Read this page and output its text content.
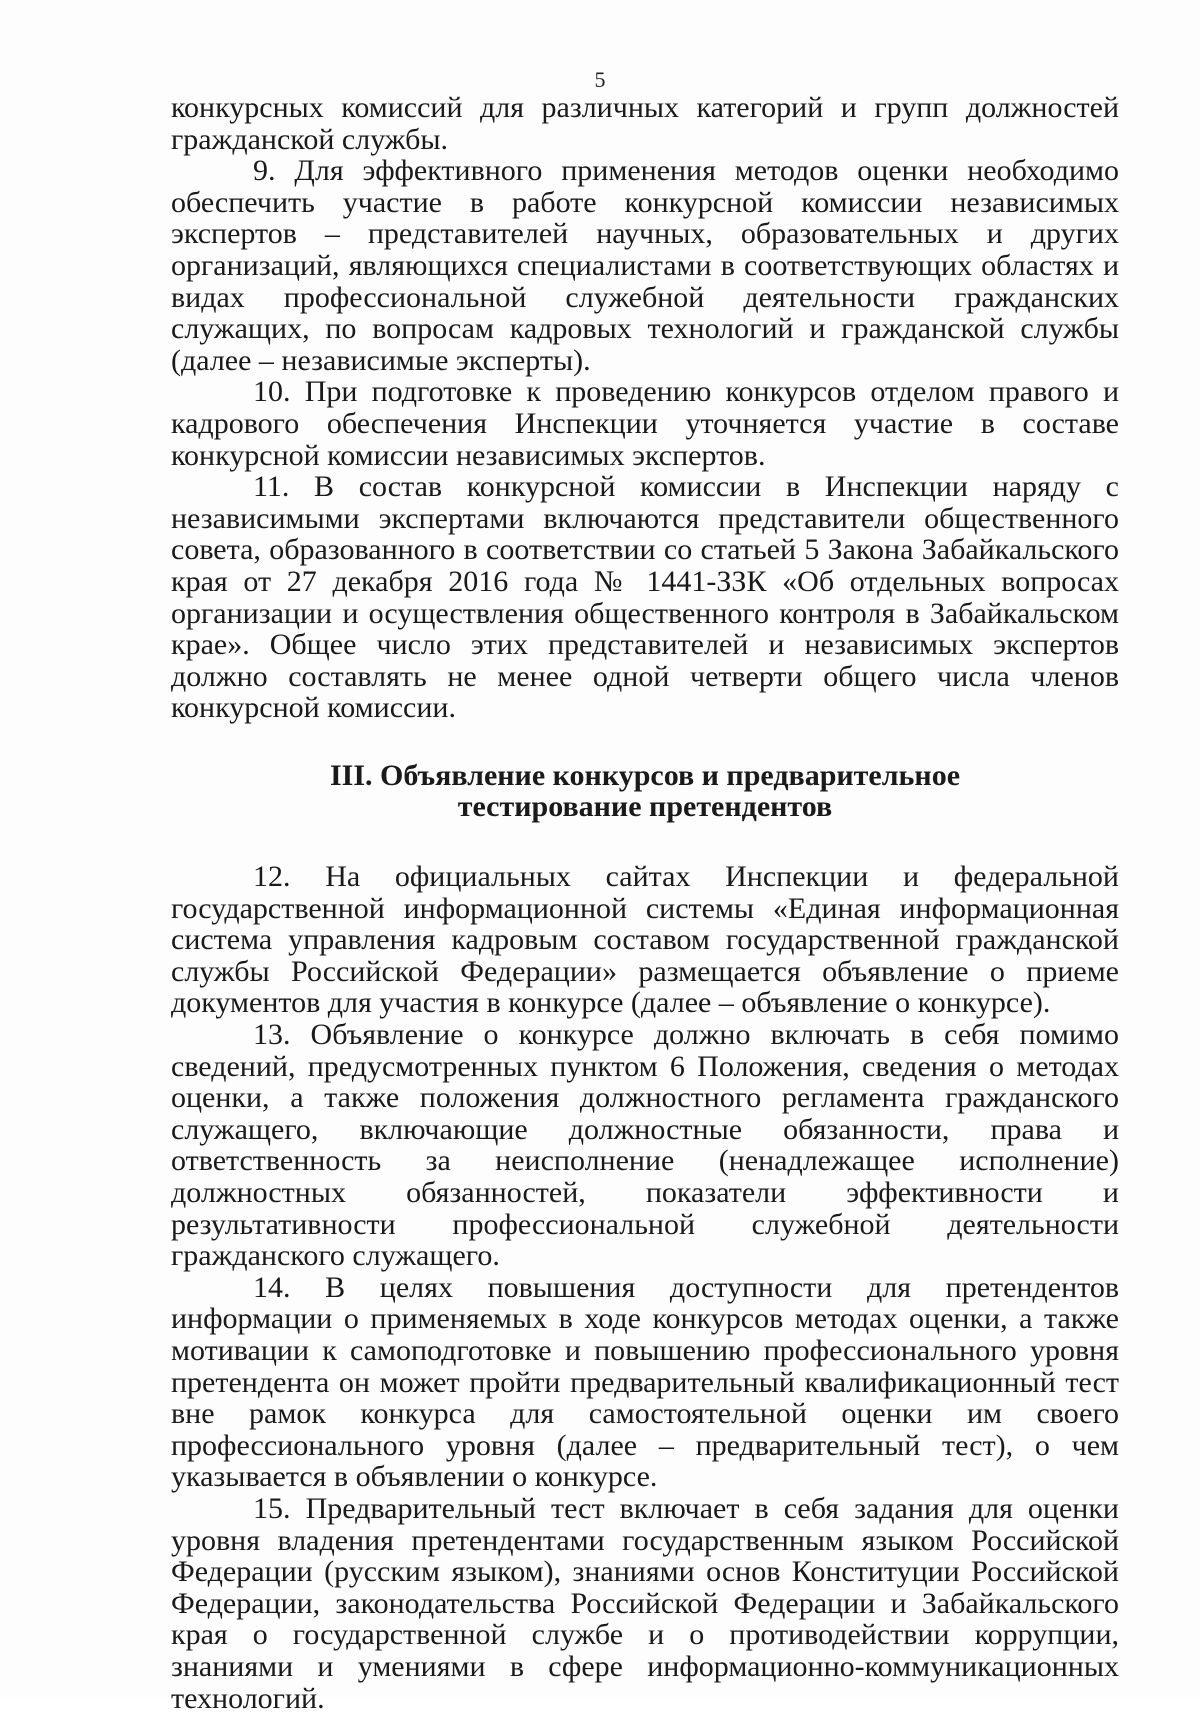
5

конкурсных комиссий для различных категорий и групп должностей гражданской службы.

9. Для эффективного применения методов оценки необходимо обеспечить участие в работе конкурсной комиссии независимых экспертов – представителей научных, образовательных и других организаций, являющихся специалистами в соответствующих областях и видах профессиональной служебной деятельности гражданских служащих, по вопросам кадровых технологий и гражданской службы (далее – независимые эксперты).

10. При подготовке к проведению конкурсов отделом правого и кадрового обеспечения Инспекции уточняется участие в составе конкурсной комиссии независимых экспертов.

11. В состав конкурсной комиссии в Инспекции наряду с независимыми экспертами включаются представители общественного совета, образованного в соответствии со статьей 5 Закона Забайкальского края от 27 декабря 2016 года № 1441-ЗЗК «Об отдельных вопросах организации и осуществления общественного контроля в Забайкальском крае». Общее число этих представителей и независимых экспертов должно составлять не менее одной четверти общего числа членов конкурсной комиссии.

III. Объявление конкурсов и предварительное

тестирование претендентов

12. На официальных сайтах Инспекции и федеральной государственной информационной системы «Единая информационная система управления кадровым составом государственной гражданской службы Российской Федерации» размещается объявление о приеме документов для участия в конкурсе (далее – объявление о конкурсе).

13. Объявление о конкурсе должно включать в себя помимо сведений, предусмотренных пунктом 6 Положения, сведения о методах оценки, а также положения должностного регламента гражданского служащего, включающие должностные обязанности, права и ответственность за неисполнение (ненадлежащее исполнение) должностных обязанностей, показатели эффективности и результативности профессиональной служебной деятельности гражданского служащего.

14. В целях повышения доступности для претендентов информации о применяемых в ходе конкурсов методах оценки, а также мотивации к самоподготовке и повышению профессионального уровня претендента он может пройти предварительный квалификационный тест вне рамок конкурса для самостоятельной оценки им своего профессионального уровня (далее – предварительный тест), о чем указывается в объявлении о конкурсе.

15. Предварительный тест включает в себя задания для оценки уровня владения претендентами государственным языком Российской Федерации (русским языком), знаниями основ Конституции Российской Федерации, законодательства Российской Федерации и Забайкальского края о государственной службе и о противодействии коррупции, знаниями и умениями в сфере информационно-коммуникационных технологий.
